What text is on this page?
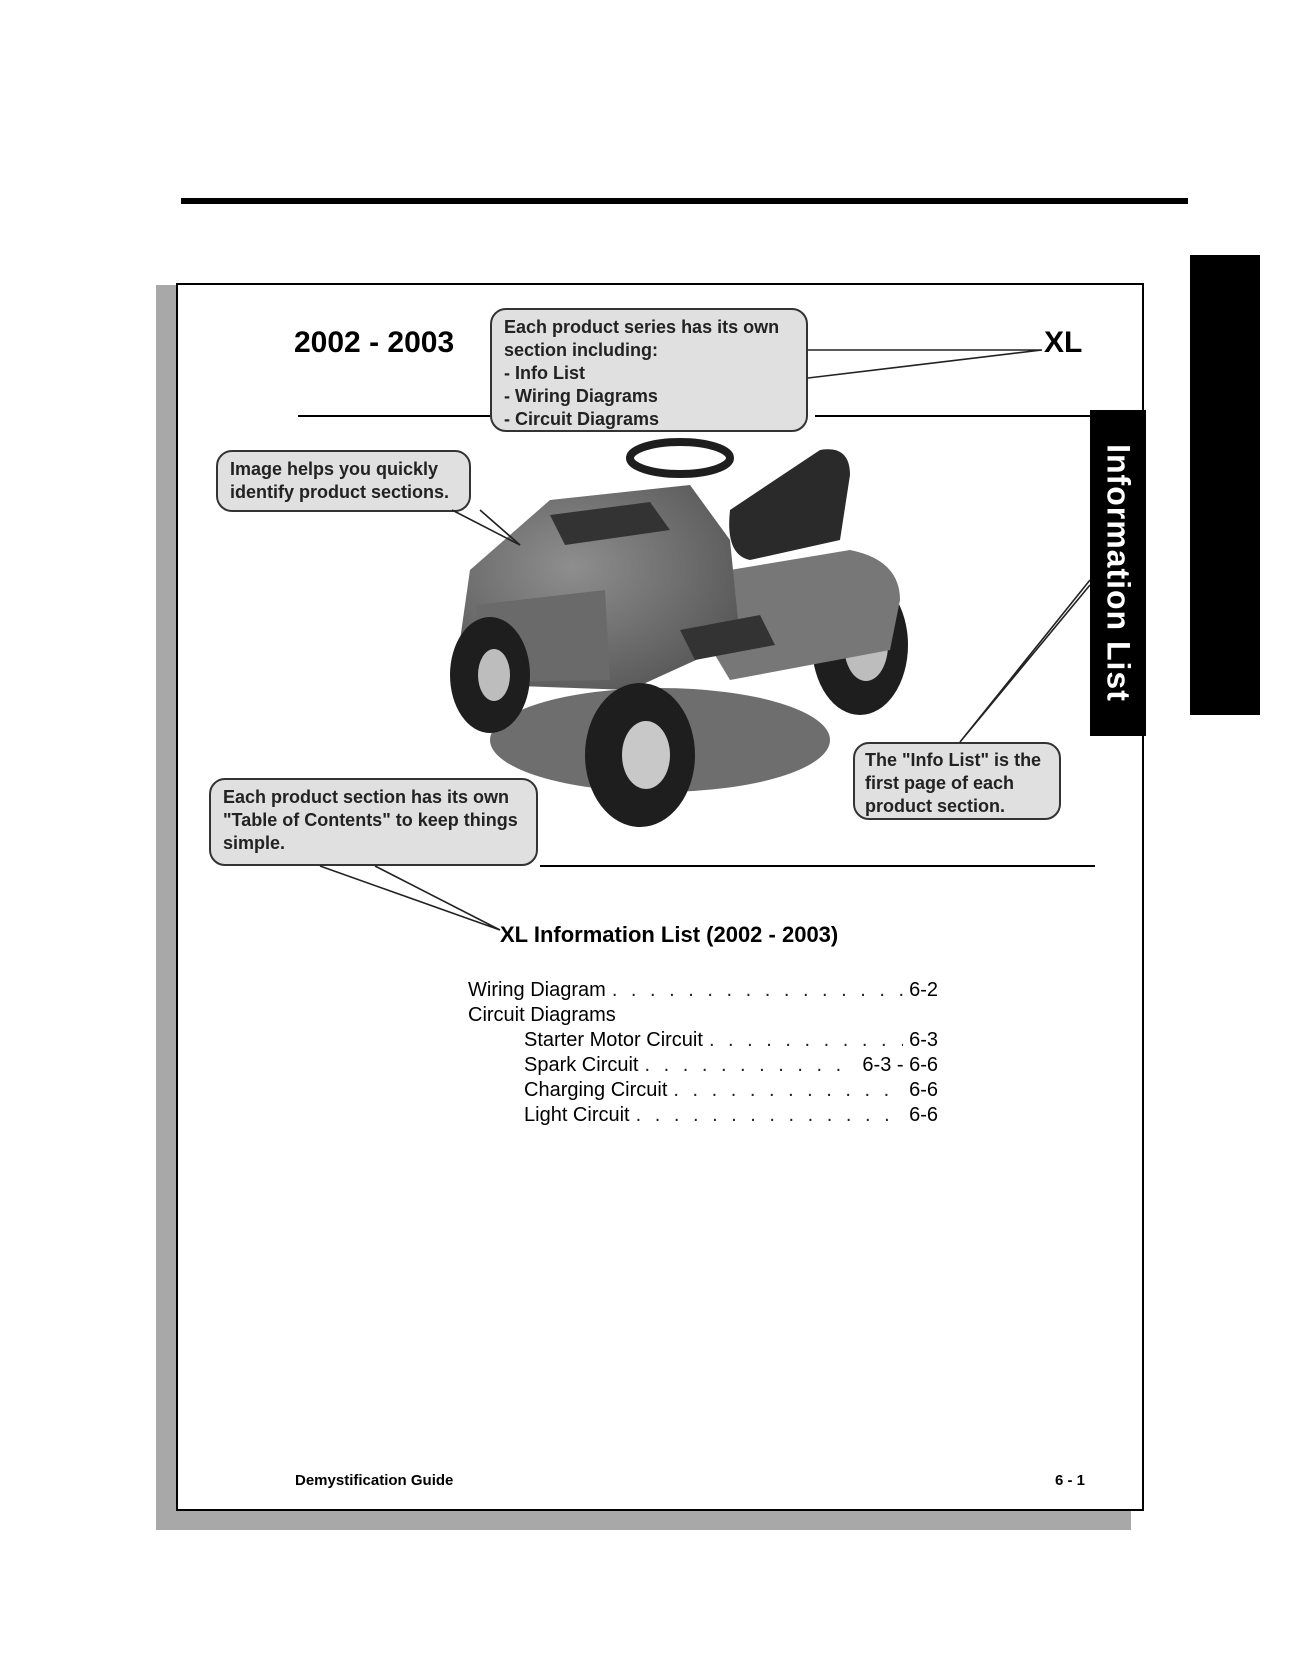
2002 - 2003	XL
Each product series has its own
section including:
- Info List
- Wiring Diagrams
- Circuit Diagrams
Image helps you quickly
identify product sections.
The "Info List" is the
first page of each
product section.
Each product section has its own
"Table of Contents" to keep things
simple.
Information List
XL Information List (2002 - 2003)
Wiring Diagram . . .	6-2
Circuit Diagrams
Starter Motor Circuit . . .	6-3
Spark Circuit . . .	6-3 - 6-6
Charging Circuit . . .	6-6
Light Circuit . . .	6-6
Demystification Guide	6 - 1
